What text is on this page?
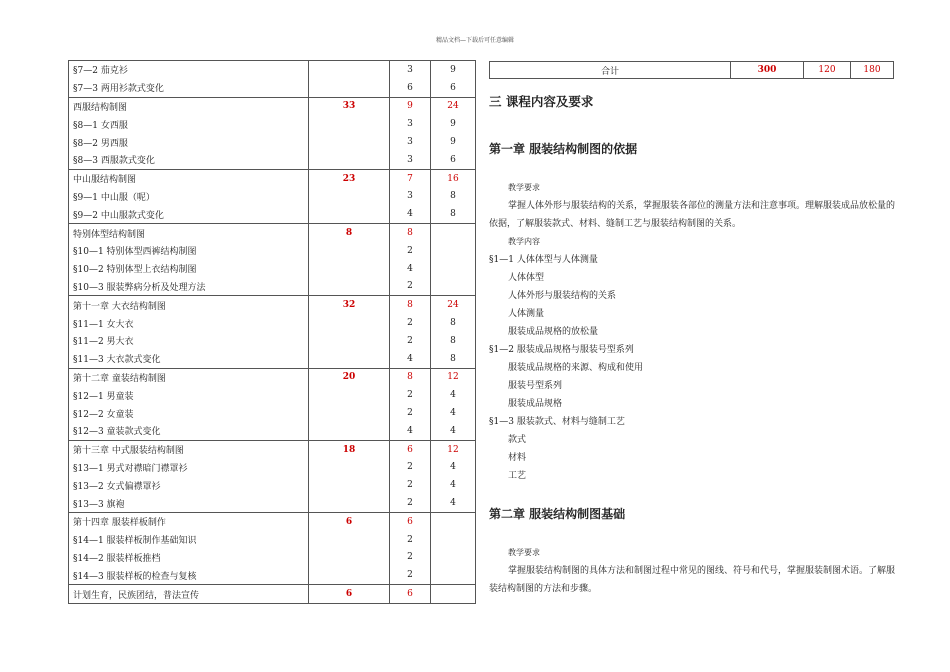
精品文档—下载后可任意编辑
§7—2 茄克衫		3	9
§7—3 两用衫款式变化		6	6
西服结构制图	33	9	24
§8—1 女西服		3	9
§8—2 男西服		3	9
§8—3 西服款式变化		3	6
中山服结构制图	23	7	16
§9—1 中山服（呢）		3	8
§9—2 中山服款式变化		4	8
特别体型结构制图	8	8	
§10—1 特别体型西裤结构制图		2	
§10—2 特别体型上衣结构制图		4	
§10—3 服装弊病分析及处理方法		2	
第十一章 大衣结构制图	32	8	24
§11—1 女大衣		2	8
§11—2 男大衣		2	8
§11—3 大衣款式变化		4	8
第十二章 童装结构制图	20	8	12
§12—1 男童装		2	4
§12—2 女童装		2	4
§12—3 童装款式变化		4	4
第十三章 中式服装结构制图	18	6	12
§13—1 男式对襟暗门襟罩衫		2	4
§13—2 女式偏襟罩衫		2	4
§13—3 旗袍		2	4
第十四章 服装样板制作	6	6	
§14—1 服装样板制作基础知识		2	
§14—2 服装样板推档		2	
§14—3 服装样板的检查与复核		2	
计划生育，民族团结，普法宣传	6	6	
合计	300	120	180
三 课程内容及要求
第一章 服装结构制图的依据
教学要求
掌握人体外形与服装结构的关系，掌握服装各部位的测量方法和注意事项。理解服装成品放松量的依据，了解服装款式、材料、缝制工艺与服装结构制图的关系。
教学内容
§1—1 人体体型与人体测量
人体体型
人体外形与服装结构的关系
人体测量
服装成品规格的放松量
§1—2 服装成品规格与服装号型系列
服装成品规格的来源、构成和使用
服装号型系列
服装成品规格
§1—3 服装款式、材料与缝制工艺
款式
材料
工艺
第二章 服装结构制图基础
教学要求
掌握服装结构制图的具体方法和制图过程中常见的图线、符号和代号，掌握服装制图术语。了解服装结构制图的方法和步骤。
